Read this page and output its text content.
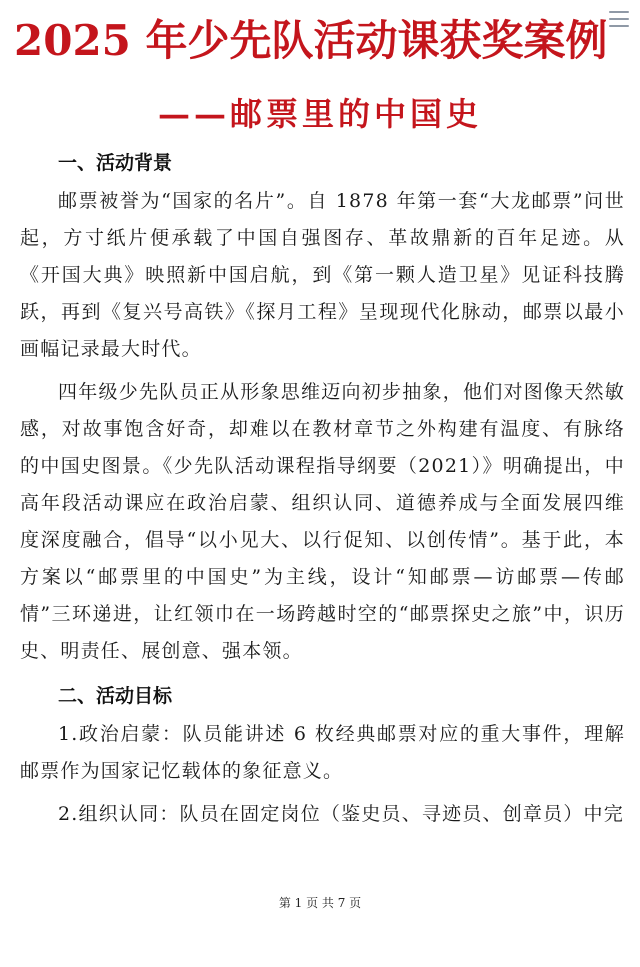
2025 年少先队活动课获奖案例
——邮票里的中国史
一、活动背景

邮票被誉为“国家的名片”。自 1878 年第一套“大龙邮票”问世起，方寸纸片便承载了中国自强图存、革故鼎新的百年足迹。从《开国大典》映照新中国启航，到《第一颗人造卫星》见证科技腾跃，再到《复兴号高铁》《探月工程》呈现现代化脉动，邮票以最小画幅记录最大时代。

四年级少先队员正从形象思维迈向初步抽象，他们对图像天然敏感，对故事饱含好奇，却难以在教材章节之外构建有温度、有脉络的中国史图景。《少先队活动课程指导纲要（2021）》明确提出，中高年段活动课应在政治启蒙、组织认同、道德养成与全面发展四维度深度融合，倡导“以小见大、以行促知、以创传情”。基于此，本方案以“邮票里的中国史”为主线，设计“知邮票—访邮票—传邮情”三环递进，让红领巾在一场跨越时空的“邮票探史之旅”中，识历史、明责任、展创意、强本领。

二、活动目标

1.政治启蒙：队员能讲述 6 枚经典邮票对应的重大事件，理解邮票作为国家记忆载体的象征意义。

2.组织认同：队员在固定岗位（鉴史员、寻迹员、创章员）中完

第 1 页 共 7 页
